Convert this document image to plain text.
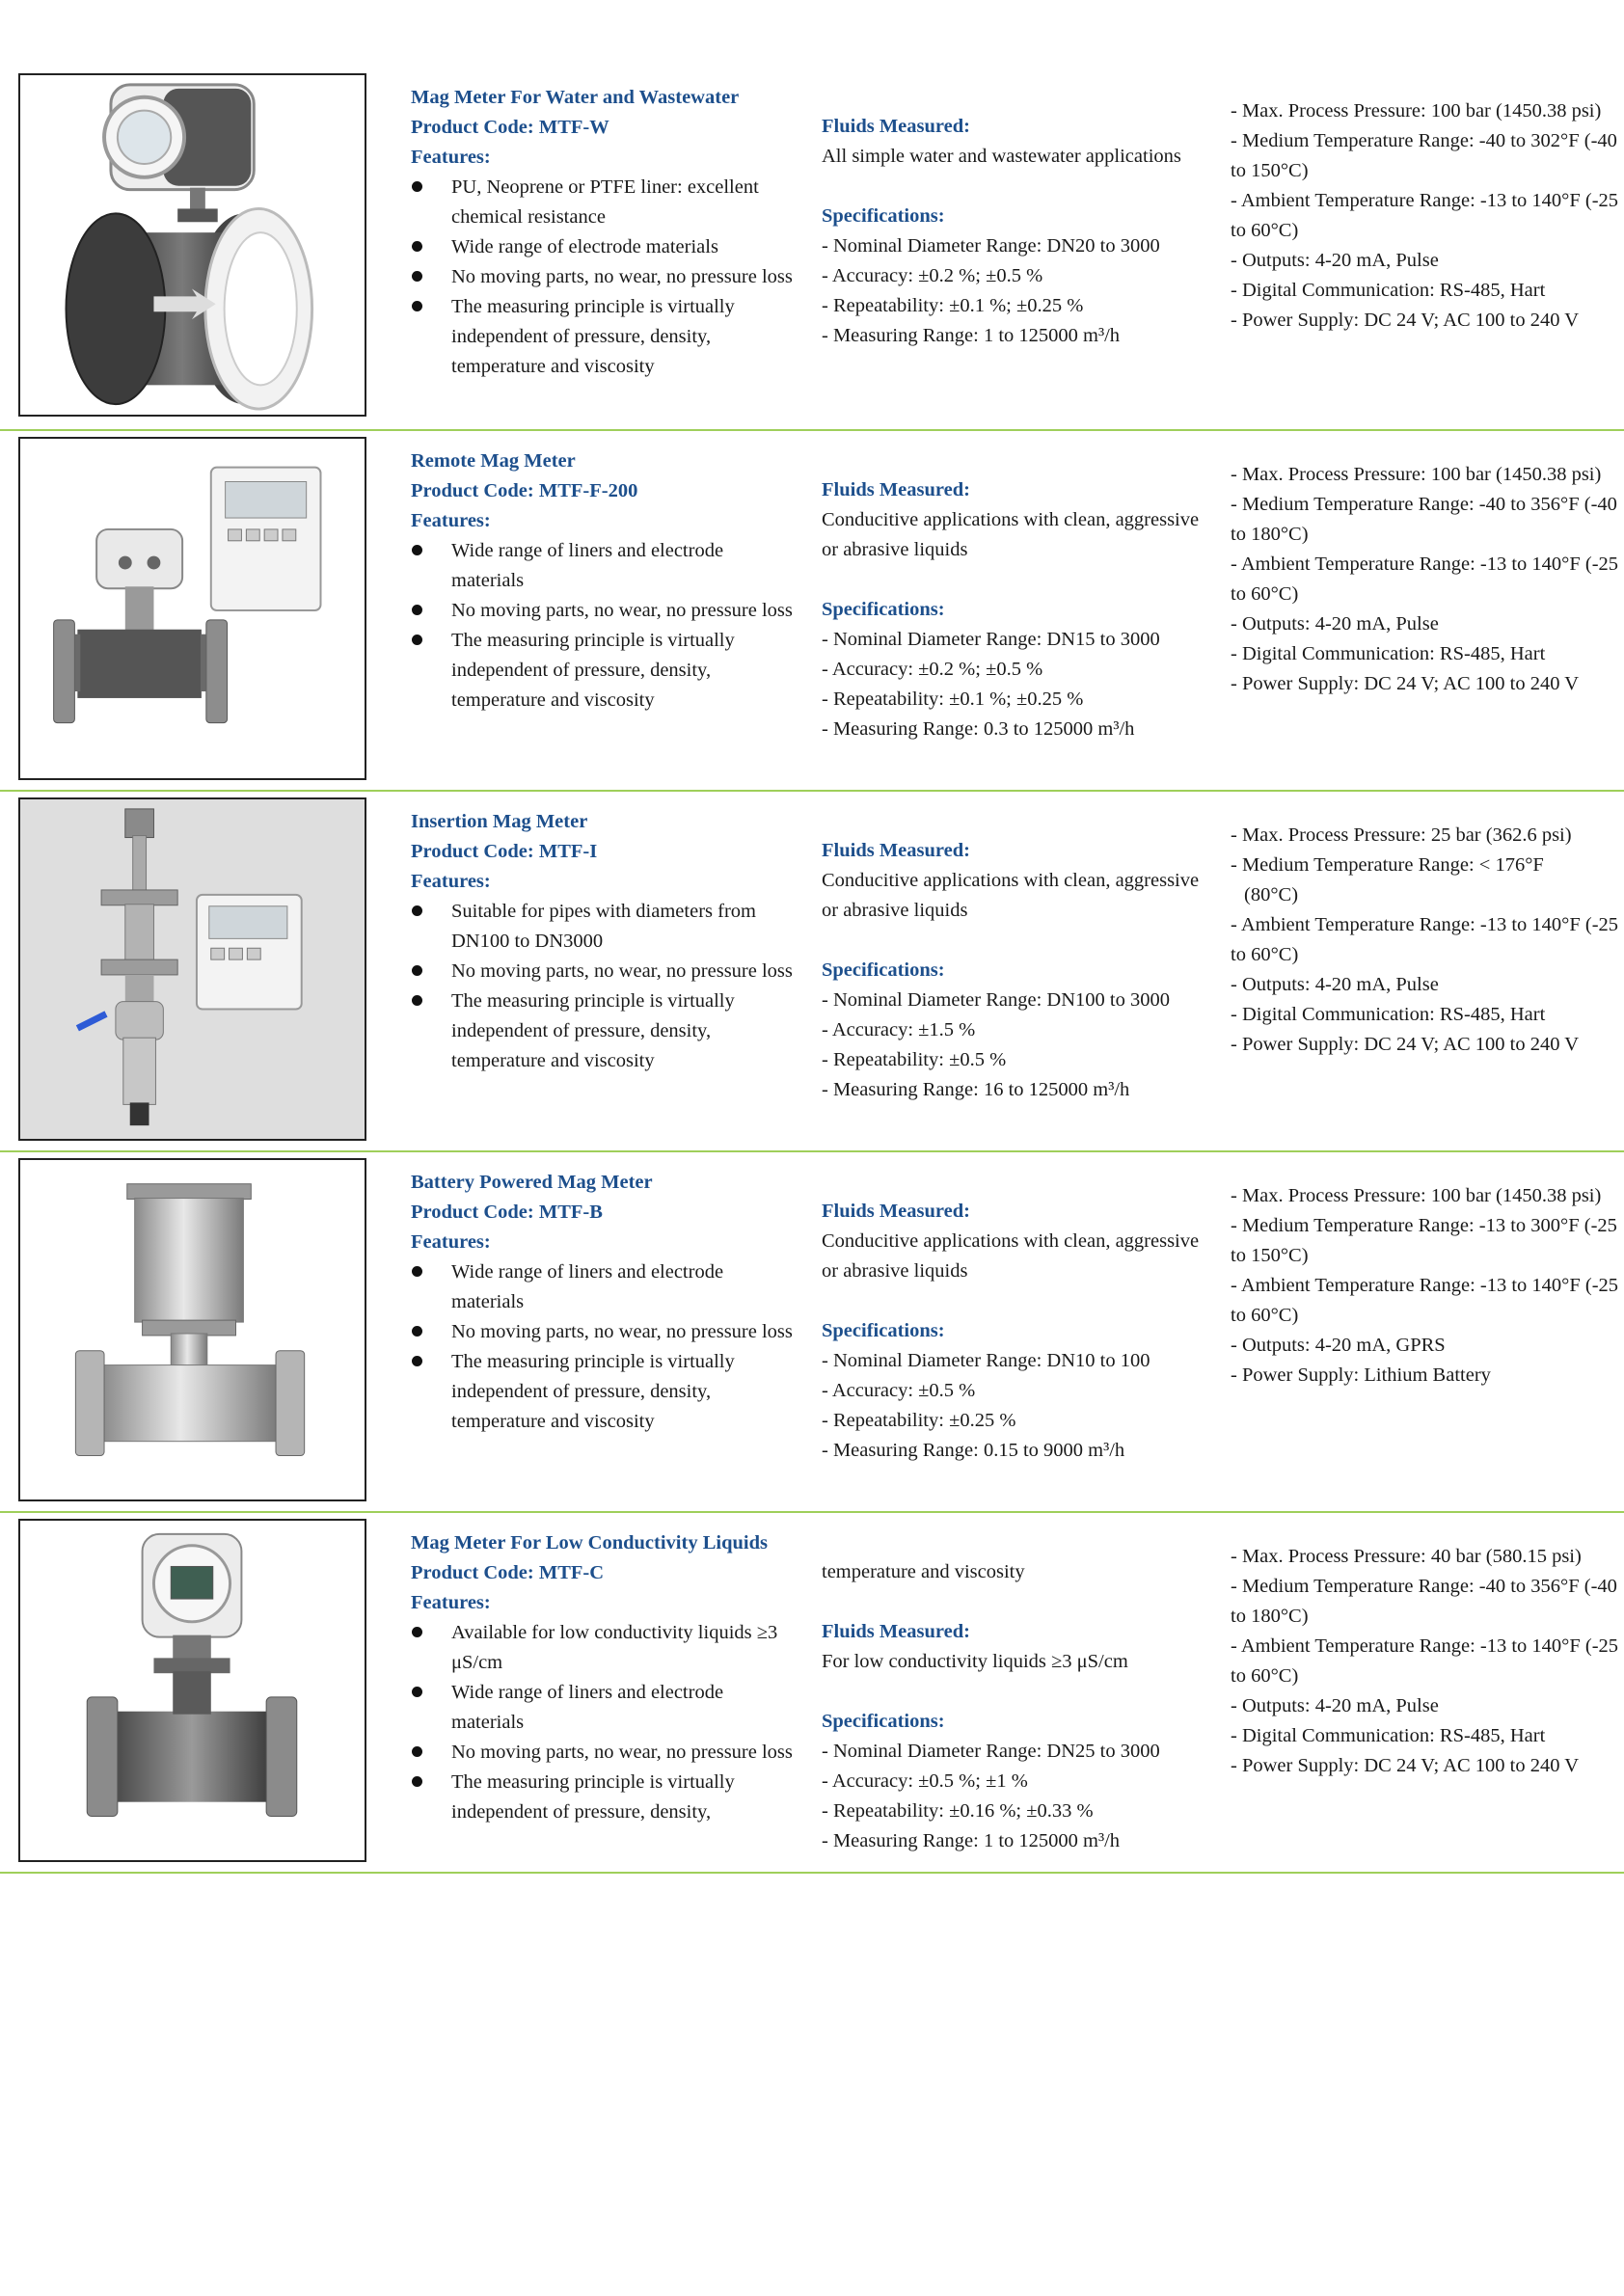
Mag Meter For Water and Wastewater
Product Code: MTF-W
Features:
PU, Neoprene or PTFE liner: excellent chemical resistance
Wide range of electrode materials
No moving parts, no wear, no pressure loss
The measuring principle is virtually independent of pressure, density, temperature and viscosity
Fluids Measured:
All simple water and wastewater applications
Specifications:
- Nominal Diameter Range: DN20 to 3000
- Accuracy: ±0.2 %; ±0.5 %
- Repeatability: ±0.1 %; ±0.25 %
- Measuring Range: 1 to 125000 m³/h
- Max. Process Pressure: 100 bar (1450.38 psi)
- Medium Temperature Range: -40 to 302°F (-40 to 150°C)
- Ambient Temperature Range: -13 to 140°F (-25 to 60°C)
- Outputs: 4-20 mA, Pulse
- Digital Communication: RS-485, Hart
- Power Supply: DC 24 V; AC 100 to 240 V
Remote Mag Meter
Product Code: MTF-F-200
Features:
Wide range of liners and electrode materials
No moving parts, no wear, no pressure loss
The measuring principle is virtually independent of pressure, density, temperature and viscosity
Fluids Measured:
Conducitive applications with clean, aggressive or abrasive liquids
Specifications:
- Nominal Diameter Range: DN15 to 3000
- Accuracy: ±0.2 %; ±0.5 %
- Repeatability: ±0.1 %; ±0.25 %
- Measuring Range: 0.3 to 125000 m³/h
- Max. Process Pressure: 100 bar (1450.38 psi)
- Medium Temperature Range: -40 to 356°F (-40 to 180°C)
- Ambient Temperature Range: -13 to 140°F (-25 to 60°C)
- Outputs: 4-20 mA, Pulse
- Digital Communication: RS-485, Hart
- Power Supply: DC 24 V; AC 100 to 240 V
Insertion Mag Meter
Product Code: MTF-I
Features:
Suitable for pipes with diameters from DN100 to DN3000
No moving parts, no wear, no pressure loss
The measuring principle is virtually independent of pressure, density, temperature and viscosity
Fluids Measured:
Conducitive applications with clean, aggressive or abrasive liquids
Specifications:
- Nominal Diameter Range: DN100 to 3000
- Accuracy: ±1.5 %
- Repeatability: ±0.5 %
- Measuring Range: 16 to 125000 m³/h
- Max. Process Pressure: 25 bar (362.6 psi)
- Medium Temperature Range: < 176°F
(80°C)
- Ambient Temperature Range: -13 to 140°F (-25 to 60°C)
- Outputs: 4-20 mA, Pulse
- Digital Communication: RS-485, Hart
- Power Supply: DC 24 V; AC 100 to 240 V
Battery Powered Mag Meter
Product Code: MTF-B
Features:
Wide range of liners and electrode materials
No moving parts, no wear, no pressure loss
The measuring principle is virtually independent of pressure, density, temperature and viscosity
Fluids Measured:
Conducitive applications with clean, aggressive or abrasive liquids
Specifications:
- Nominal Diameter Range: DN10 to 100
- Accuracy: ±0.5 %
- Repeatability: ±0.25 %
- Measuring Range: 0.15 to 9000 m³/h
- Max. Process Pressure: 100 bar (1450.38 psi)
- Medium Temperature Range: -13 to 300°F (-25 to 150°C)
- Ambient Temperature Range: -13 to 140°F (-25 to 60°C)
- Outputs: 4-20 mA, GPRS
- Power Supply: Lithium Battery
Mag Meter For Low Conductivity Liquids
Product Code: MTF-C
Features:
Available for low conductivity liquids ≥3 μS/cm
Wide range of liners and electrode materials
No moving parts, no wear, no pressure loss
The measuring principle is virtually independent of pressure, density,
temperature and viscosity
Fluids Measured:
For low conductivity liquids ≥3 μS/cm
Specifications:
- Nominal Diameter Range: DN25 to 3000
- Accuracy: ±0.5 %; ±1 %
- Repeatability: ±0.16 %; ±0.33 %
- Measuring Range: 1 to 125000 m³/h
- Max. Process Pressure: 40 bar (580.15 psi)
- Medium Temperature Range: -40 to 356°F (-40 to 180°C)
- Ambient Temperature Range: -13 to 140°F (-25 to 60°C)
- Outputs: 4-20 mA, Pulse
- Digital Communication: RS-485, Hart
- Power Supply: DC 24 V; AC 100 to 240 V
